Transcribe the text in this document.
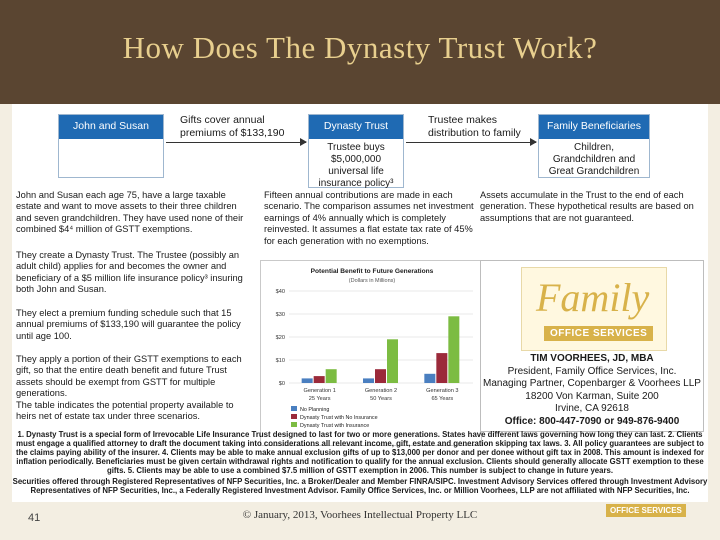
How Does The Dynasty Trust Work?
John and Susan	Gifts cover annual premiums of $133,190
Dynasty Trust
Trustee buys $5,000,000 universal life insurance policy³
Trustee makes distribution to family
Family Beneficiaries
Children, Grandchildren and Great Grandchildren
John and Susan each age 75, have a large taxable estate and want to move assets to their three children and seven grandchildren. They have used none of their combined $4⁴ million of GSTT exemptions.
They create a Dynasty Trust. The Trustee (possibly an adult child) applies for and becomes the owner and beneficiary of a $5 million life insurance policy³ insuring both John and Susan.
They elect a premium funding schedule such that 15 annual premiums of $133,190 will guarantee the policy until age 100.
They apply a portion of their GSTT exemptions to each gift, so that the entire death benefit and future Trust assets should be exempt from GSTT for multiple generations.
The table indicates the potential property available to heirs net of estate tax under three scenarios.
Fifteen annual contributions are made in each scenario. The comparison assumes net investment earnings of 4% annually which is completely reinvested. It assumes a flat estate tax rate of 45% for each generation with no exemptions.
Assets accumulate in the Trust to the end of each generation. These hypothetical results are based on assumptions that are not guaranteed.
Potential Benefit to Future Generations
(Dollars in Millions)
$0
$10
$20
$30
$40
Generation 1
25 Years
Generation 2
50 Years
Generation 3
65 Years
No Planning
Dynasty Trust with No Insurance
Dynasty Trust with Insurance
Family
OFFICE SERVICES
TIM VOORHEES, JD, MBA
President, Family Office Services, Inc.
Managing Partner, Copenbarger & Voorhees LLP
18200 Von Karman, Suite 200
Irvine, CA 92618
Office: 800-447-7090 or 949-876-9400
1. Dynasty Trust is a special form of Irrevocable Life Insurance Trust designed to last for two or more generations. States have different laws governing how long they can last. 2. Clients must engage a qualified attorney to draft the document taking into considerations all relevant income, gift, estate and generation skipping tax laws. 3. All policy guarantees are subject to the claims paying ability of the insurer. 4. Clients may be able to make annual exclusion gifts of up to $13,000 per donor and per donee without gift tax in 2008. This amount is indexed for inflation periodically. Beneficiaries must be given certain withdrawal rights and notification to qualify for the annual exclusion. Clients should generally allocate GSTT exemption to these gifts. 5. Clients may be able to use a combined $7.5 million of GSTT exemption in 2006. This number is subject to change in future years.
Securities offered through Registered Representatives of NFP Securities, Inc. a Broker/Dealer and Member FINRA/SIPC. Investment Advisory Services offered through Investment Advisory Representatives of NFP Securities, Inc., a Federally Registered Investment Advisor. Family Office Services, Inc. or Million Voorhees, LLP are not affiliated with NFP Securities, Inc.
41	© January, 2013, Voorhees Intellectual Property LLC	OFFICE SERVICES
